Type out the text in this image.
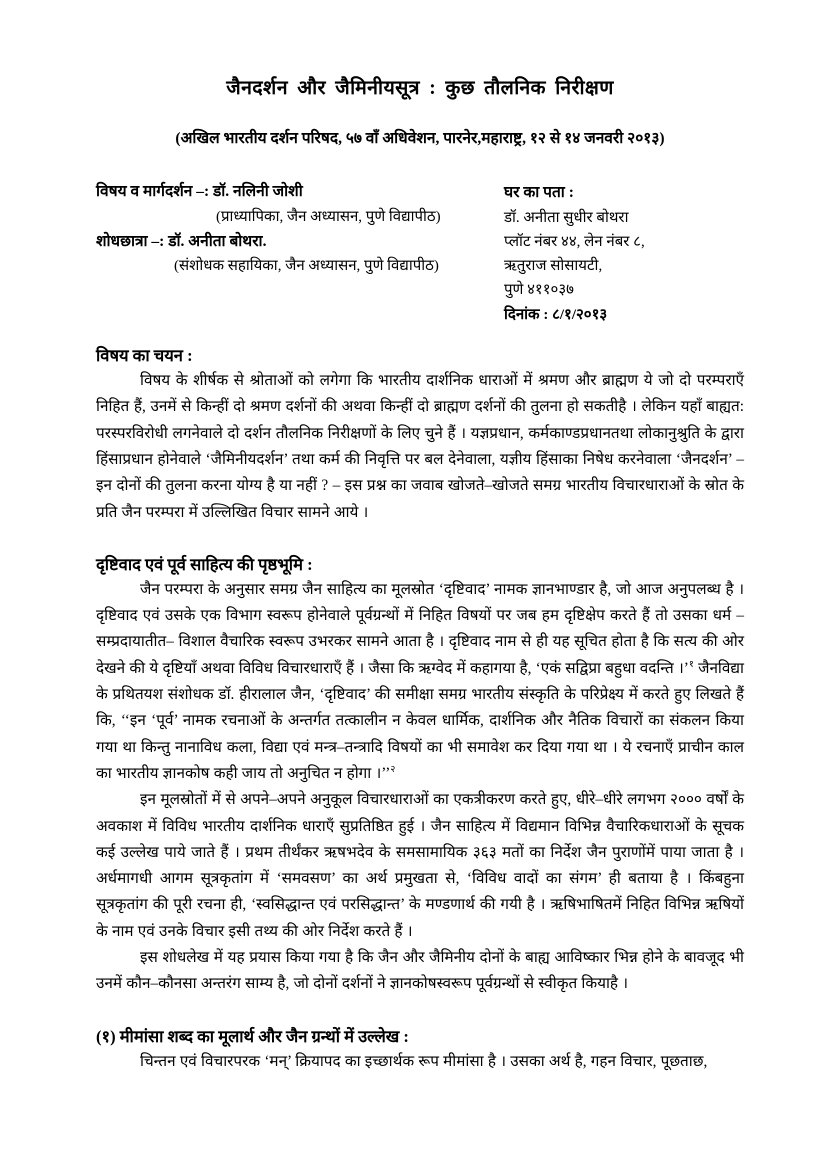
जैनदर्शन और जैमिनीयसूत्र : कुछ तौलनिक निरीक्षण
(अखिल भारतीय दर्शन परिषद, ५७ वाँ अधिवेशन, पारनेर,महाराष्ट्र, १२ से १४ जनवरी २०१३)
विषय व मार्गदर्शन –: डॉ. नलिनी जोशी
(प्राध्यापिका, जैन अध्यासन, पुणे विद्यापीठ)
शोधछात्रा –: डॉ. अनीता बोथरा.
(संशोधक सहायिका, जैन अध्यासन, पुणे विद्यापीठ)
घर का पता :
डॉ. अनीता सुधीर बोथरा
प्लॉट नंबर ४४, लेन नंबर ८,
ऋतुराज सोसायटी,
पुणे ४११०३७
दिनांक : ८/१/२०१३
विषय का चयन :

विषय के शीर्षक से श्रोताओं को लगेगा कि भारतीय दार्शनिक धाराओं में श्रमण और ब्राह्मण ये जो दो परम्पराएँ निहित हैं, उनमें से किन्हीं दो श्रमण दर्शनों की अथवा किन्हीं दो ब्राह्मण दर्शनों की तुलना हो सकतीहै । लेकिन यहाँ बाह्यत: परस्परविरोधी लगनेवाले दो दर्शन तौलनिक निरीक्षणों के लिए चुने हैं । यज्ञप्रधान, कर्मकाण्डप्रधानतथा लोकानुश्रुति के द्वारा हिंसाप्रधान होनेवाले ‘जैमिनीयदर्शन’ तथा कर्म की निवृत्ति पर बल देनेवाला, यज्ञीय हिंसाका निषेध करनेवाला ‘जैनदर्शन’ – इन दोनों की तुलना करना योग्य है या नहीं ? – इस प्रश्न का जवाब खोजते–खोजते समग्र भारतीय विचारधाराओं के स्रोत के प्रति जैन परम्परा में उल्लिखित विचार सामने आये ।

दृष्टिवाद एवं पूर्व साहित्य की पृष्ठभूमि :

जैन परम्परा के अनुसार समग्र जैन साहित्य का मूलस्रोत ‘दृष्टिवाद’ नामक ज्ञानभाण्डार है, जो आज अनुपलब्ध है । दृष्टिवाद एवं उसके एक विभाग स्वरूप होनेवाले पूर्वग्रन्थों में निहित विषयों पर जब हम दृष्टिक्षेप करते हैं तो उसका धर्म –सम्प्रदायातीत– विशाल वैचारिक स्वरूप उभरकर सामने आता है । दृष्टिवाद नाम से ही यह सूचित होता है कि सत्य की ओर देखने की ये दृष्टियाँ अथवा विविध विचारधाराएँ हैं । जैसा कि ऋग्वेद में कहागया है, ‘एकं सद्विप्रा बहुधा वदन्ति ।’$^१$ जैनविद्या के प्रथितयश संशोधक डॉ. हीरालाल जैन, ‘दृष्टिवाद’ की समीक्षा समग्र भारतीय संस्कृति के परिप्रेक्ष्य में करते हुए लिखते हैं कि, ‘‘इन ‘पूर्व’ नामक रचनाओं के अन्तर्गत तत्कालीन न केवल धार्मिक, दार्शनिक और नैतिक विचारों का संकलन किया गया था किन्तु नानाविध कला, विद्या एवं मन्त्र–तन्त्रादि विषयों का भी समावेश कर दिया गया था । ये रचनाएँ प्राचीन काल का भारतीय ज्ञानकोष कही जाय तो अनुचित न होगा ।’’$^२$

इन मूलस्रोतों में से अपने–अपने अनुकूल विचारधाराओं का एकत्रीकरण करते हुए, धीरे–धीरे लगभग २००० वर्षों के अवकाश में विविध भारतीय दार्शनिक धाराएँ सुप्रतिष्ठित हुई । जैन साहित्य में विद्यमान विभिन्न वैचारिकधाराओं के सूचक कई उल्लेख पाये जाते हैं । प्रथम तीर्थंकर ऋषभदेव के समसामायिक ३६३ मतों का निर्देश जैन पुराणोंमें पाया जाता है । अर्धमागधी आगम सूत्रकृतांग में ‘समवसण’ का अर्थ प्रमुखता से, ‘विविध वादों का संगम’ ही बताया है । किंबहुना सूत्रकृतांग की पूरी रचना ही, ‘स्वसिद्धान्त एवं परसिद्धान्त’ के मण्डणार्थ की गयी है । ऋषिभाषितमें निहित विभिन्न ऋषियों के नाम एवं उनके विचार इसी तथ्य की ओर निर्देश करते हैं ।

इस शोधलेख में यह प्रयास किया गया है कि जैन और जैमिनीय दोनों के बाह्य आविष्कार भिन्न होने के बावजूद भी उनमें कौन–कौनसा अन्तरंग साम्य है, जो दोनों दर्शनों ने ज्ञानकोषस्वरूप पूर्वग्रन्थों से स्वीकृत कियाहै ।

(१) मीमांसा शब्द का मूलार्थ और जैन ग्रन्थों में उल्लेख :

चिन्तन एवं विचारपरक ‘मन्’ क्रियापद का इच्छार्थक रूप मीमांसा है । उसका अर्थ है, गहन विचार, पूछताछ,
